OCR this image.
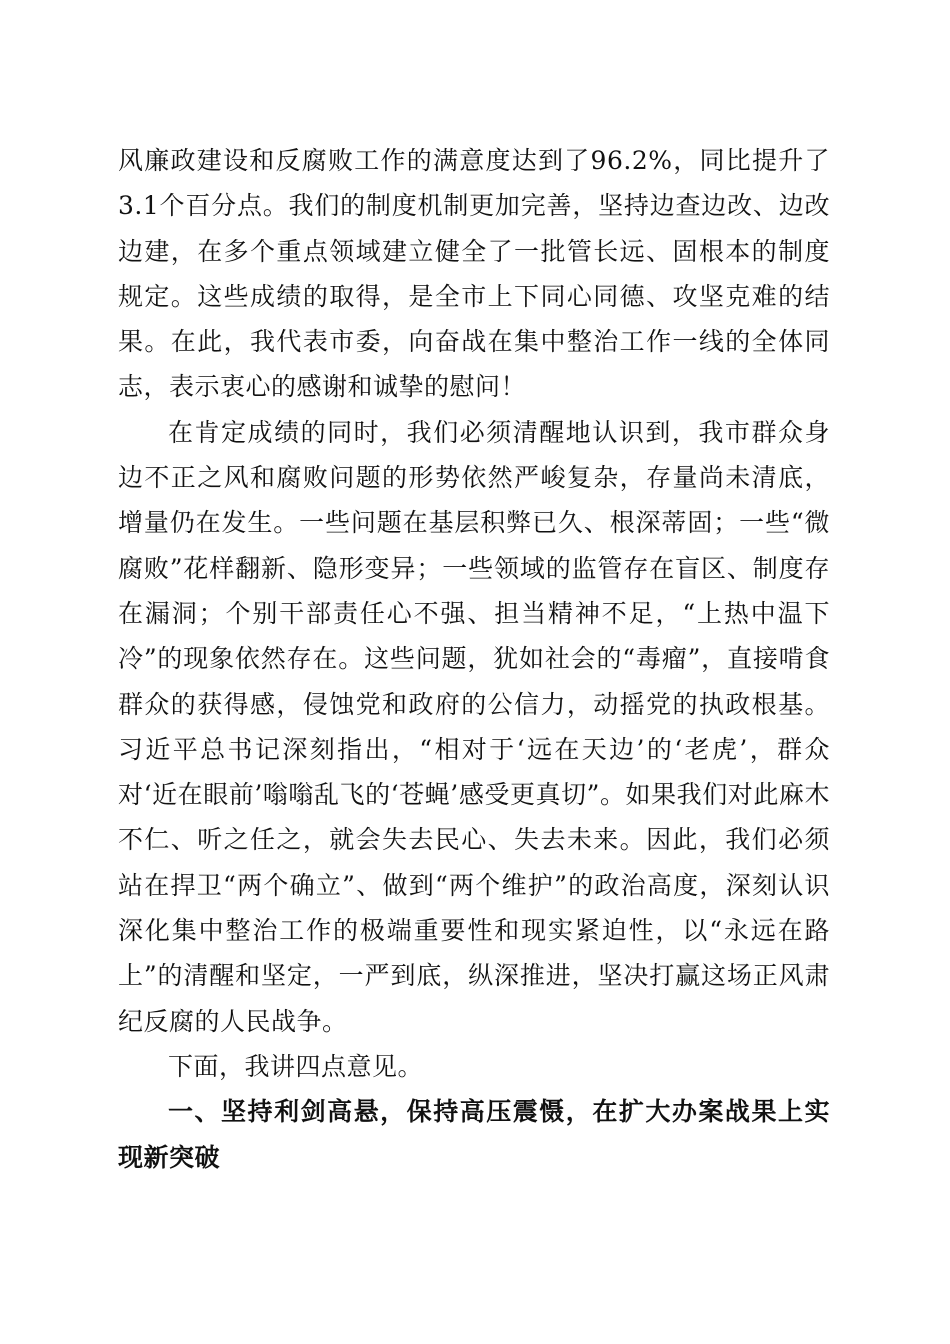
风廉政建设和反腐败工作的满意度达到了96.2%，同比提升了3.1个百分点。我们的制度机制更加完善，坚持边查边改、边改边建，在多个重点领域建立健全了一批管长远、固根本的制度规定。这些成绩的取得，是全市上下同心同德、攻坚克难的结果。在此，我代表市委，向奋战在集中整治工作一线的全体同志，表示衷心的感谢和诚挚的慰问！

在肯定成绩的同时，我们必须清醒地认识到，我市群众身边不正之风和腐败问题的形势依然严峻复杂，存量尚未清底，增量仍在发生。一些问题在基层积弊已久、根深蒂固；一些“微腐败”花样翻新、隐形变异；一些领域的监管存在盲区、制度存在漏洞；个别干部责任心不强、担当精神不足，“上热中温下冷”的现象依然存在。这些问题，犹如社会的“毒瘤”，直接啃食群众的获得感，侵蚀党和政府的公信力，动摇党的执政根基。习近平总书记深刻指出，“相对于‘远在天边’的‘老虎’，群众对‘近在眼前’嗡嗡乱飞的‘苍蝇’感受更真切”。如果我们对此麻木不仁、听之任之，就会失去民心、失去未来。因此，我们必须站在捍卫“两个确立”、做到“两个维护”的政治高度，深刻认识深化集中整治工作的极端重要性和现实紧迫性，以“永远在路上”的清醒和坚定，一严到底，纵深推进，坚决打赢这场正风肃纪反腐的人民战争。

下面，我讲四点意见。

一、坚持利剑高悬，保持高压震慑，在扩大办案战果上实现新突破
